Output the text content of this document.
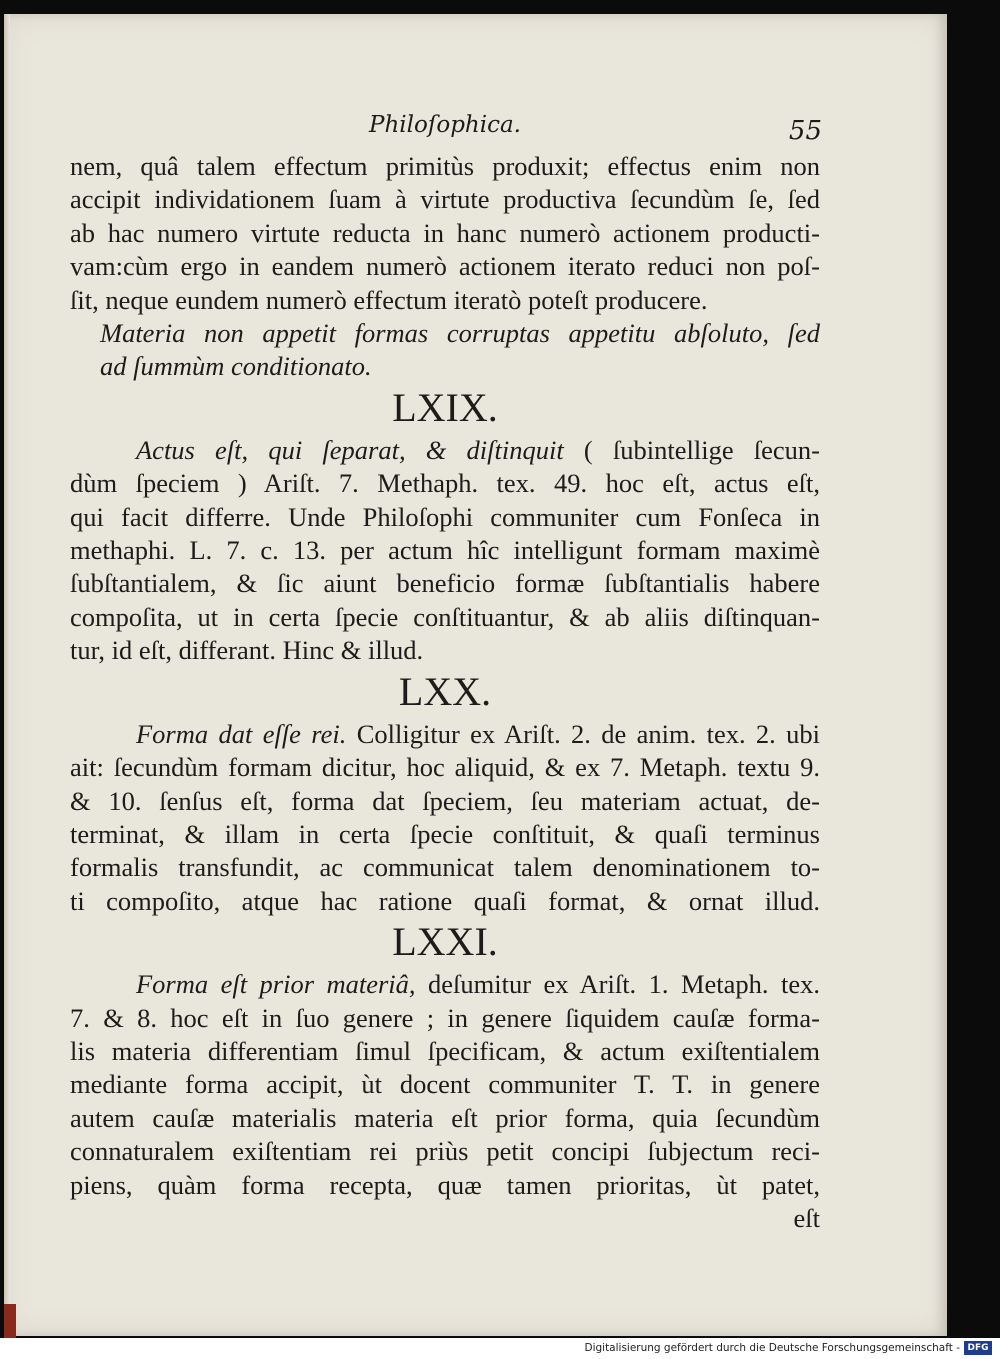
Philoſophica.	55
nem, quâ talem effectum primitùs produxit; effectus enim non
accipit individationem ſuam à virtute productiva ſecundùm ſe, ſed
ab hac numero virtute reducta in hanc numerò actionem producti-
vam:cùm ergo in eandem numerò actionem iterato reduci non poſ-
ſit, neque eundem numerò effectum iteratò poteſt producere.
Materia non appetit formas corruptas appetitu abſoluto, ſed
ad ſummùm conditionato.
LXIX.
Actus eſt, qui ſeparat, & diſtinquit ( ſubintellige ſecun-
dùm ſpeciem ) Ariſt. 7. Methaph. tex. 49. hoc eſt, actus eſt,
qui facit differre. Unde Philoſophi communiter cum Fonſeca in
methaphi. L. 7. c. 13. per actum hîc intelligunt formam maximè
ſubſtantialem, & ſic aiunt beneficio formæ ſubſtantialis habere
compoſita, ut in certa ſpecie conſtituantur, & ab aliis diſtinquan-
tur, id eſt, differant. Hinc & illud.
LXX.
Forma dat eſſe rei. Colligitur ex Ariſt. 2. de anim. tex. 2. ubi
ait: ſecundùm formam dicitur, hoc aliquid, & ex 7. Metaph. textu 9.
& 10. ſenſus eſt, forma dat ſpeciem, ſeu materiam actuat, de-
terminat, & illam in certa ſpecie conſtituit, & quaſi terminus
formalis transfundit, ac communicat talem denominationem to-
ti compoſito, atque hac ratione quaſi format, & ornat illud.
LXXI.
Forma eſt prior materiâ, deſumitur ex Ariſt. 1. Metaph. tex.
7. & 8. hoc eſt in ſuo genere ; in genere ſiquidem cauſæ forma-
lis materia differentiam ſimul ſpecificam, & actum exiſtentialem
mediante forma accipit, ùt docent communiter T. T. in genere
autem cauſæ materialis materia eſt prior forma, quia ſecundùm
connaturalem exiſtentiam rei priùs petit concipi ſubjectum reci-
piens, quàm forma recepta, quæ tamen prioritas, ùt patet,
eſt
Digitalisierung gefördert durch die Deutsche Forschungsgemeinschaft - DFG
